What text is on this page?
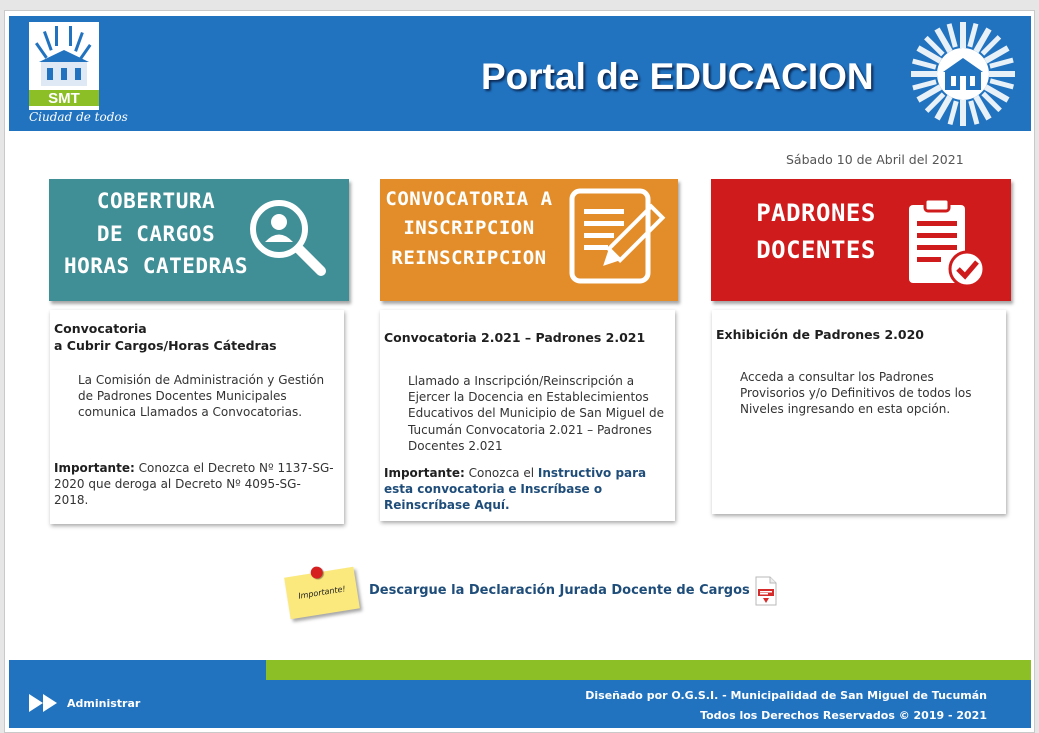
SMT
Ciudad de todos
Portal de EDUCACION
Sábado 10 de Abril del 2021
COBERTURA
DE CARGOS
HORAS CATEDRAS
Convocatoria
a Cubrir Cargos/Horas Cátedras
La Comisión de Administración y Gestión de Padrones Docentes Municipales comunica Llamados a Convocatorias.
Importante: Conozca el Decreto Nº 1137-SG-2020 que deroga al Decreto Nº 4095-SG-2018.
CONVOCATORIA A
INSCRIPCION
REINSCRIPCION
Convocatoria 2.021 – Padrones 2.021
Llamado a Inscripción/Reinscripción a Ejercer la Docencia en Establecimientos Educativos del Municipio de San Miguel de Tucumán Convocatoria 2.021 – Padrones Docentes 2.021
Importante: Conozca el Instructivo para esta convocatoria e Inscríbase o Reinscríbase Aquí.
PADRONES
DOCENTES
Exhibición de Padrones 2.020
Acceda a consultar los Padrones Provisorios y/o Definitivos de todos los Niveles ingresando en esta opción.
Importante!	Descargue la Declaración Jurada Docente de Cargos
Administrar
Diseñado por O.G.S.I. - Municipalidad de San Miguel de Tucumán
Todos los Derechos Reservados © 2019 - 2021
